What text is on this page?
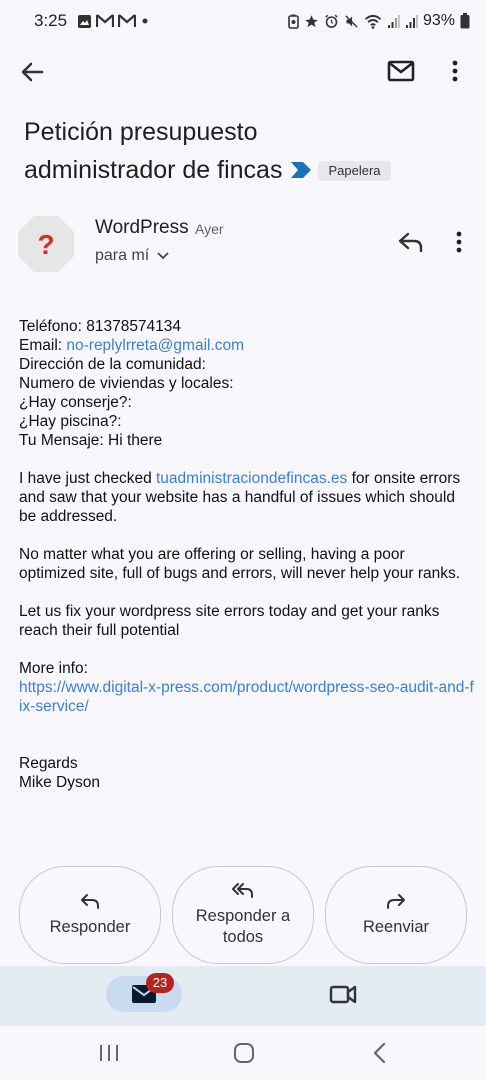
3:25	93%
Petición presupuesto
administrador de fincas	Papelera
?
WordPress Ayer
para mí

Teléfono: 81378574134

Email: no-replylrreta@gmail.com

Dirección de la comunidad:

Numero de viviendas y locales:

¿Hay conserje?:

¿Hay piscina?:

Tu Mensaje: Hi there

I have just checked tuadministraciondefincas.es for onsite errors and saw that your website has a handful of issues which should be addressed.

No matter what you are offering or selling, having a poor optimized site, full of bugs and errors, will never help your ranks.

Let us fix your wordpress site errors today and get your ranks reach their full potential

More info:

https://www.digital-x-press.com/product/wordpress-seo-audit-and-fix-service/

Regards

Mike Dyson

Responder
Responder a
todos
Reenviar
23
